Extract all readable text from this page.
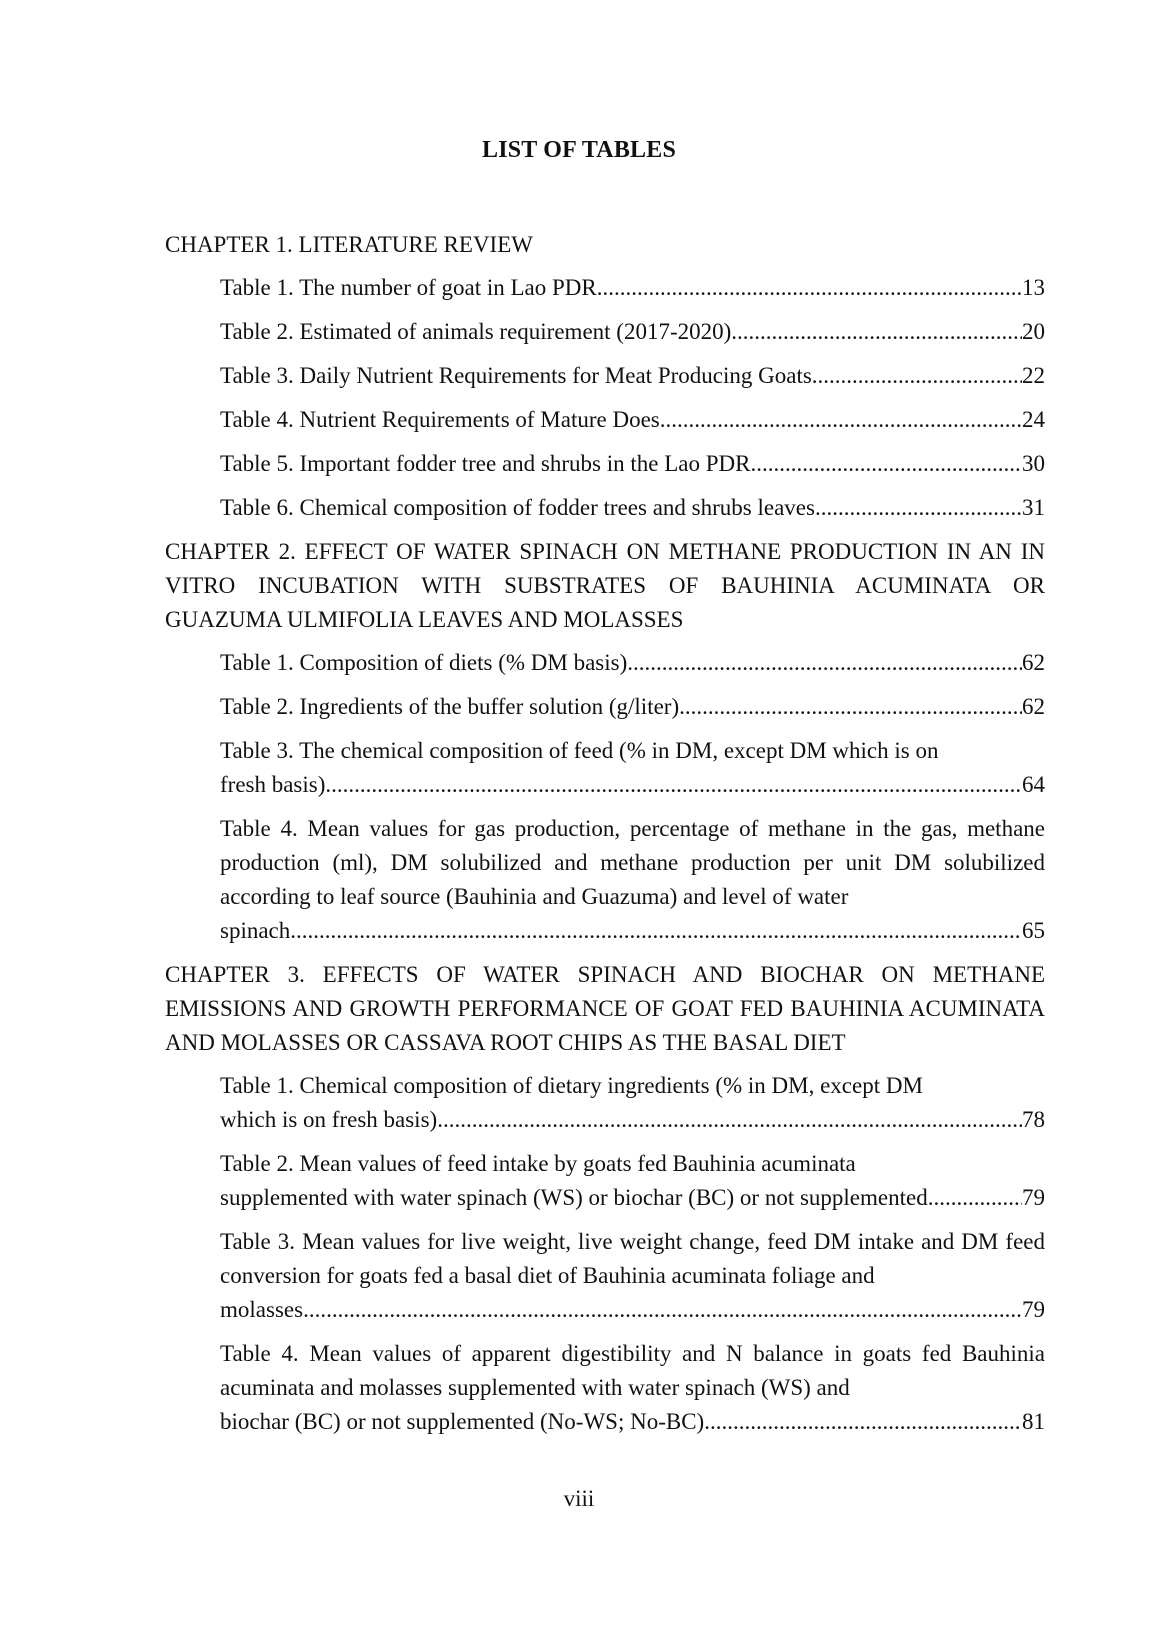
LIST OF TABLES
CHAPTER 1. LITERATURE REVIEW
Table 1. The number of goat in Lao PDR .....	13
Table 2. Estimated of animals requirement (2017-2020) .....	20
Table 3. Daily Nutrient Requirements for Meat Producing Goats .....	22
Table 4. Nutrient Requirements of Mature Does .....	24
Table 5. Important fodder tree and shrubs in the Lao PDR .....	30
Table 6. Chemical composition of fodder trees and shrubs leaves .....	31
CHAPTER 2. EFFECT OF WATER SPINACH ON METHANE PRODUCTION IN AN IN VITRO INCUBATION WITH SUBSTRATES OF BAUHINIA ACUMINATA OR GUAZUMA ULMIFOLIA LEAVES AND MOLASSES
Table 1. Composition of diets (% DM basis) .....	62
Table 2. Ingredients of the buffer solution (g/liter) .....	62
Table 3. The chemical composition of feed (% in DM, except DM which is on
fresh basis) .....	64
Table 4. Mean values for gas production, percentage of methane in the gas, methane production (ml), DM solubilized and methane production per unit DM solubilized according to leaf source (Bauhinia and Guazuma) and level of water
spinach .....	65
CHAPTER 3. EFFECTS OF WATER SPINACH AND BIOCHAR ON METHANE EMISSIONS AND GROWTH PERFORMANCE OF GOAT FED BAUHINIA ACUMINATA AND MOLASSES OR CASSAVA ROOT CHIPS AS THE BASAL DIET
Table 1. Chemical composition of dietary ingredients (% in DM, except DM
which is on fresh basis) .....	78
Table 2. Mean values of feed intake by goats fed Bauhinia acuminata
supplemented with water spinach (WS) or biochar (BC) or not supplemented .....	79
Table 3. Mean values for live weight, live weight change, feed DM intake and DM feed conversion for goats fed a basal diet of Bauhinia acuminata foliage and
molasses .....	79
Table 4. Mean values of apparent digestibility and N balance in goats fed Bauhinia acuminata and molasses supplemented with water spinach (WS) and
biochar (BC) or not supplemented (No-WS; No-BC) .....	81
viii
